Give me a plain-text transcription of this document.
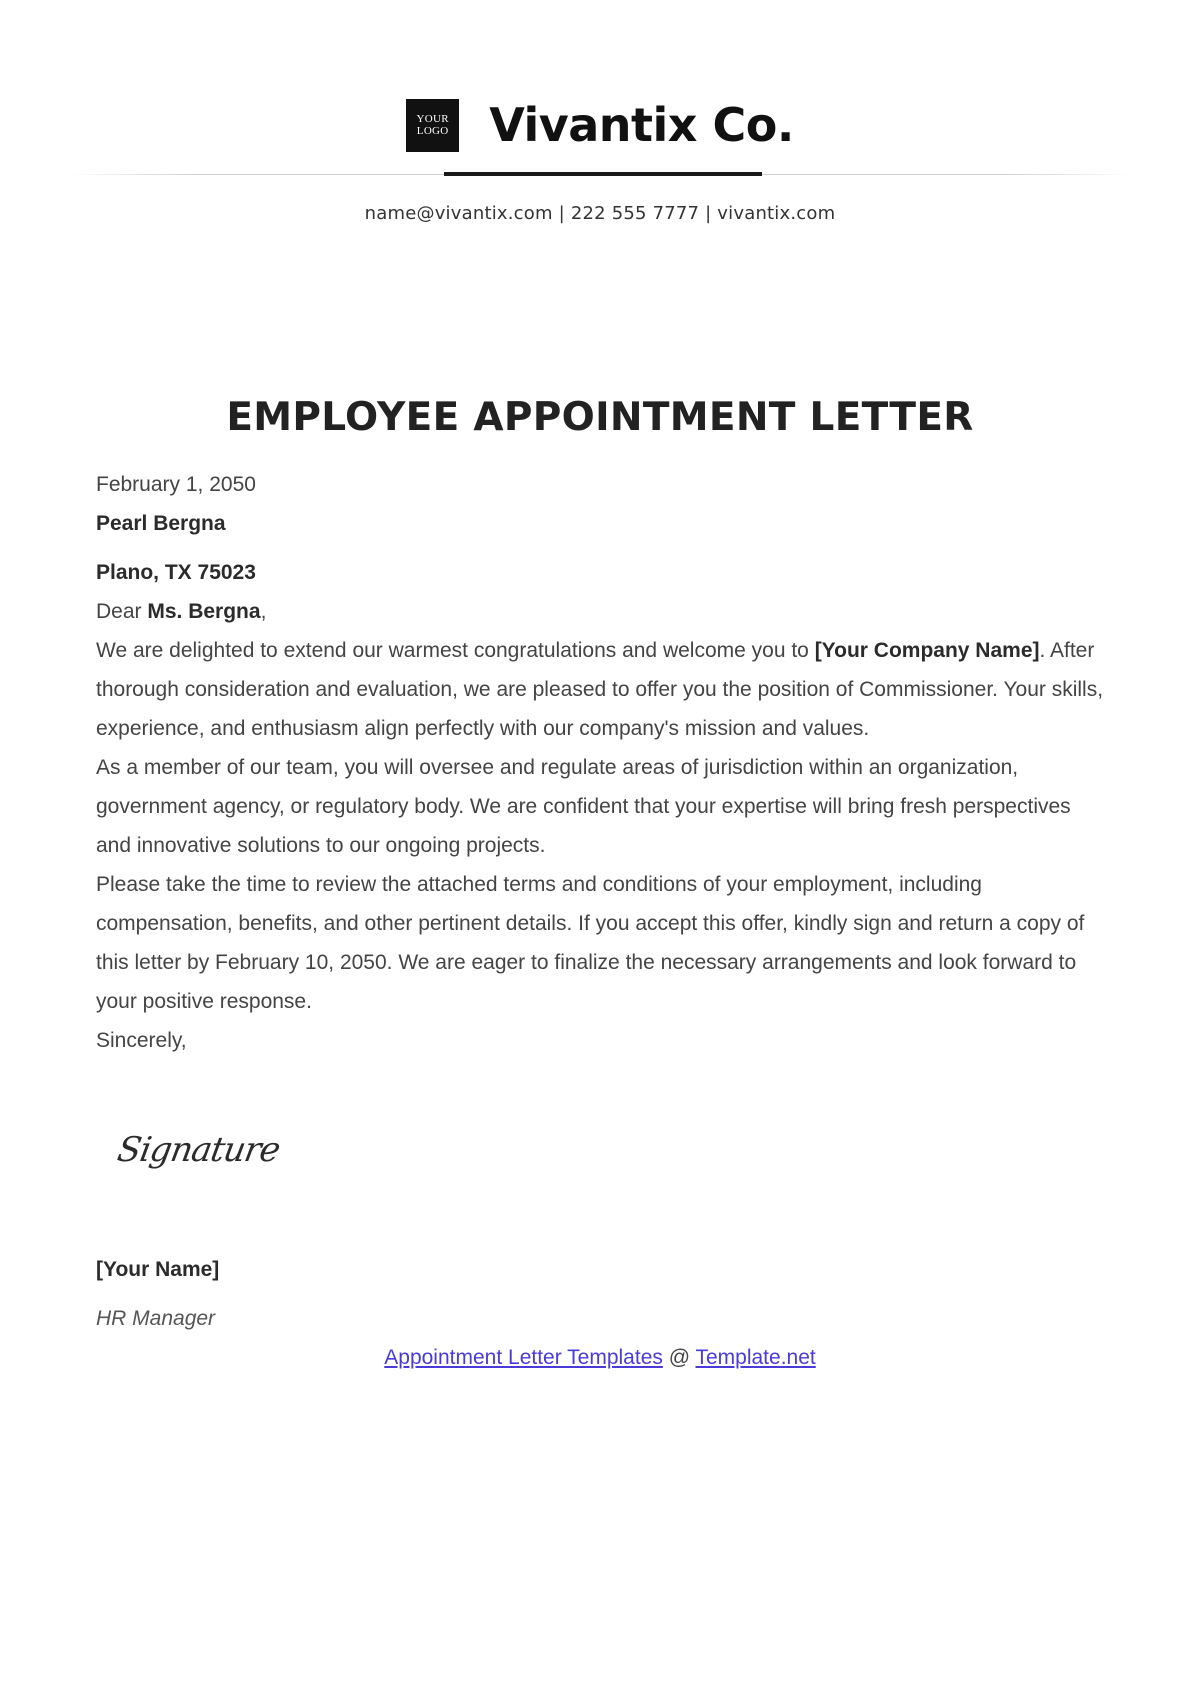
YOUR
LOGO Vivantix Co.
name@vivantix.com | 222 555 7777 | vivantix.com
EMPLOYEE APPOINTMENT LETTER

February 1, 2050

Pearl Bergna

Plano, TX 75023

Dear Ms. Bergna,

We are delighted to extend our warmest congratulations and welcome you to [Your Company Name]. After thorough consideration and evaluation, we are pleased to offer you the position of Commissioner. Your skills, experience, and enthusiasm align perfectly with our company's mission and values.

As a member of our team, you will oversee and regulate areas of jurisdiction within an organization, government agency, or regulatory body. We are confident that your expertise will bring fresh perspectives and innovative solutions to our ongoing projects.

Please take the time to review the attached terms and conditions of your employment, including compensation, benefits, and other pertinent details. If you accept this offer, kindly sign and return a copy of this letter by February 10, 2050. We are eager to finalize the necessary arrangements and look forward to your positive response.

Sincerely,

Signature
[Your Name]
HR Manager
Appointment Letter Templates @ Template.net
